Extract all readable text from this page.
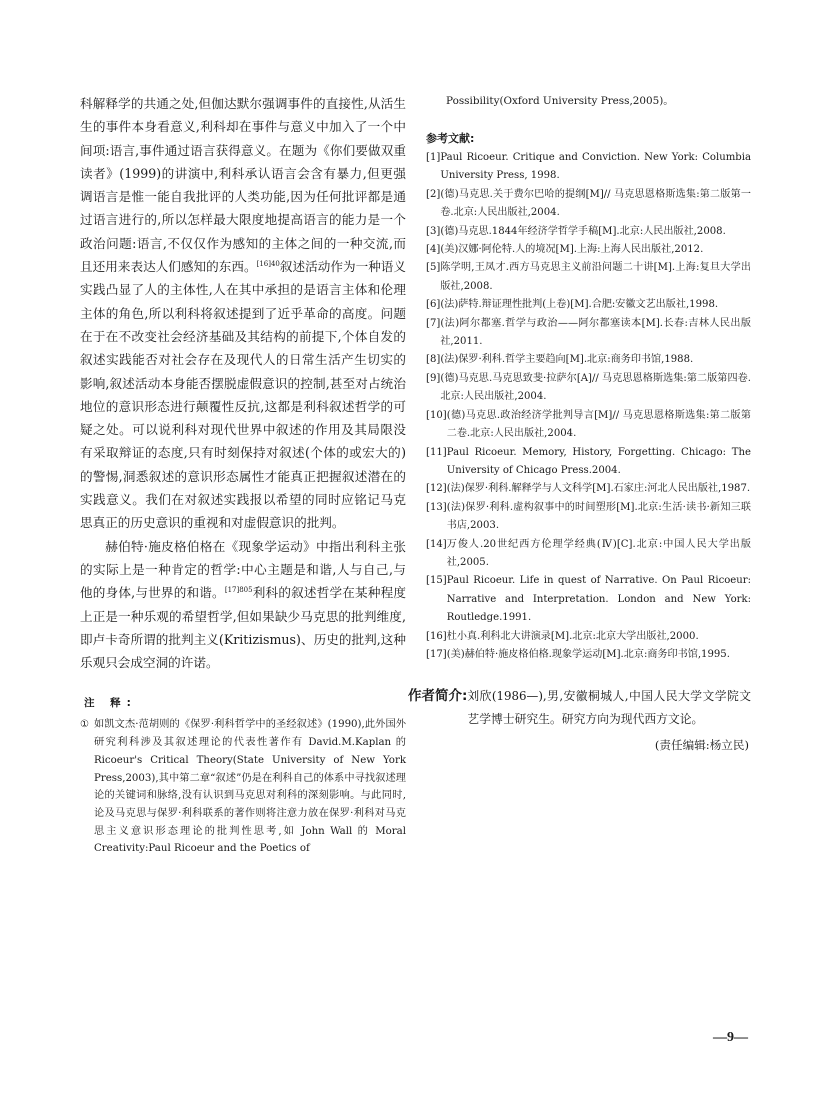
科解释学的共通之处,但伽达默尔强调事件的直接性,从活生生的事件本身看意义,利科却在事件与意义中加入了一个中间项:语言,事件通过语言获得意义。在题为《你们要做双重读者》(1999)的讲演中,利科承认语言会含有暴力,但更强调语言是惟一能自我批评的人类功能,因为任何批评都是通过语言进行的,所以怎样最大限度地提高语言的能力是一个政治问题:语言,不仅仅作为感知的主体之间的一种交流,而且还用来表达人们感知的东西。$^{[16]40}$叙述活动作为一种语义实践凸显了人的主体性,人在其中承担的是语言主体和伦理主体的角色,所以利科将叙述提到了近乎革命的高度。问题在于在不改变社会经济基础及其结构的前提下,个体自发的叙述实践能否对社会存在及现代人的日常生活产生切实的影响,叙述活动本身能否摆脱虚假意识的控制,甚至对占统治地位的意识形态进行颠覆性反抗,这都是利科叙述哲学的可疑之处。可以说利科对现代世界中叙述的作用及其局限没有采取辩证的态度,只有时刻保持对叙述(个体的或宏大的)的警惕,洞悉叙述的意识形态属性才能真正把握叙述潜在的实践意义。我们在对叙述实践报以希望的同时应铭记马克思真正的历史意识的重视和对虚假意识的批判。

赫伯特·施皮格伯格在《现象学运动》中指出利科主张的实际上是一种肯定的哲学:中心主题是和谐,人与自己,与他的身体,与世界的和谐。$^{[17]805}$利科的叙述哲学在某种程度上正是一种乐观的希望哲学,但如果缺少马克思的批判维度,即卢卡奇所谓的批判主义(Kritizismus)、历史的批判,这种乐观只会成空洞的许诺。

注 释:
① 如凯文杰·范胡则的《保罗·利科哲学中的圣经叙述》(1990),此外国外研究利科涉及其叙述理论的代表性著作有 David.M.Kaplan 的 Ricoeur's Critical Theory(State University of New York Press,2003),其中第二章“叙述”仍是在利科自己的体系中寻找叙述理论的关键词和脉络,没有认识到马克思对利科的深刻影响。与此同时,论及马克思与保罗·利科联系的著作则将注意力放在保罗·利科对马克思主义意识形态理论的批判性思考,如 John Wall 的 Moral Creativity:Paul Ricoeur and the Poetics of
Possibility(Oxford University Press,2005)。
参考文献:
[1] Paul Ricoeur. Critique and Conviction. New York: Columbia University Press, 1998.
[2] (德)马克思.关于费尔巴哈的提纲[M]// 马克思恩格斯选集:第二版第一卷.北京:人民出版社,2004.
[3] (德)马克思.1844年经济学哲学手稿[M].北京:人民出版社,2008.
[4] (美)汉娜·阿伦特.人的境况[M].上海:上海人民出版社,2012.
[5] 陈学明,王凤才.西方马克思主义前沿问题二十讲[M].上海:复旦大学出版社,2008.
[6] (法)萨特.辩证理性批判(上卷)[M].合肥:安徽文艺出版社,1998.
[7] (法)阿尔都塞.哲学与政治——阿尔都塞读本[M].长春:吉林人民出版社,2011.
[8] (法)保罗·利科.哲学主要趋向[M].北京:商务印书馆,1988.
[9] (德)马克思.马克思致斐·拉萨尔[A]// 马克思恩格斯选集:第二版第四卷.北京:人民出版社,2004.
[10] (德)马克思.政治经济学批判导言[M]// 马克思恩格斯选集:第二版第二卷.北京:人民出版社,2004.
[11] Paul Ricoeur. Memory, History, Forgetting. Chicago: The University of Chicago Press.2004.
[12] (法)保罗·利科.解释学与人文科学[M].石家庄:河北人民出版社,1987.
[13] (法)保罗·利科.虚构叙事中的时间塑形[M].北京:生活·读书·新知三联书店,2003.
[14] 万俊人.20世纪西方伦理学经典(Ⅳ)[C].北京:中国人民大学出版社,2005.
[15] Paul Ricoeur. Life in quest of Narrative. On Paul Ricoeur: Narrative and Interpretation. London and New York: Routledge.1991.
[16] 杜小真.利科北大讲演录[M].北京:北京大学出版社,2000.
[17] (美)赫伯特·施皮格伯格.现象学运动[M].北京:商务印书馆,1995.
作者简介: 刘欣(1986—),男,安徽桐城人,中国人民大学文学院文艺学博士研究生。研究方向为现代西方文论。
(责任编辑:杨立民)
—9—
